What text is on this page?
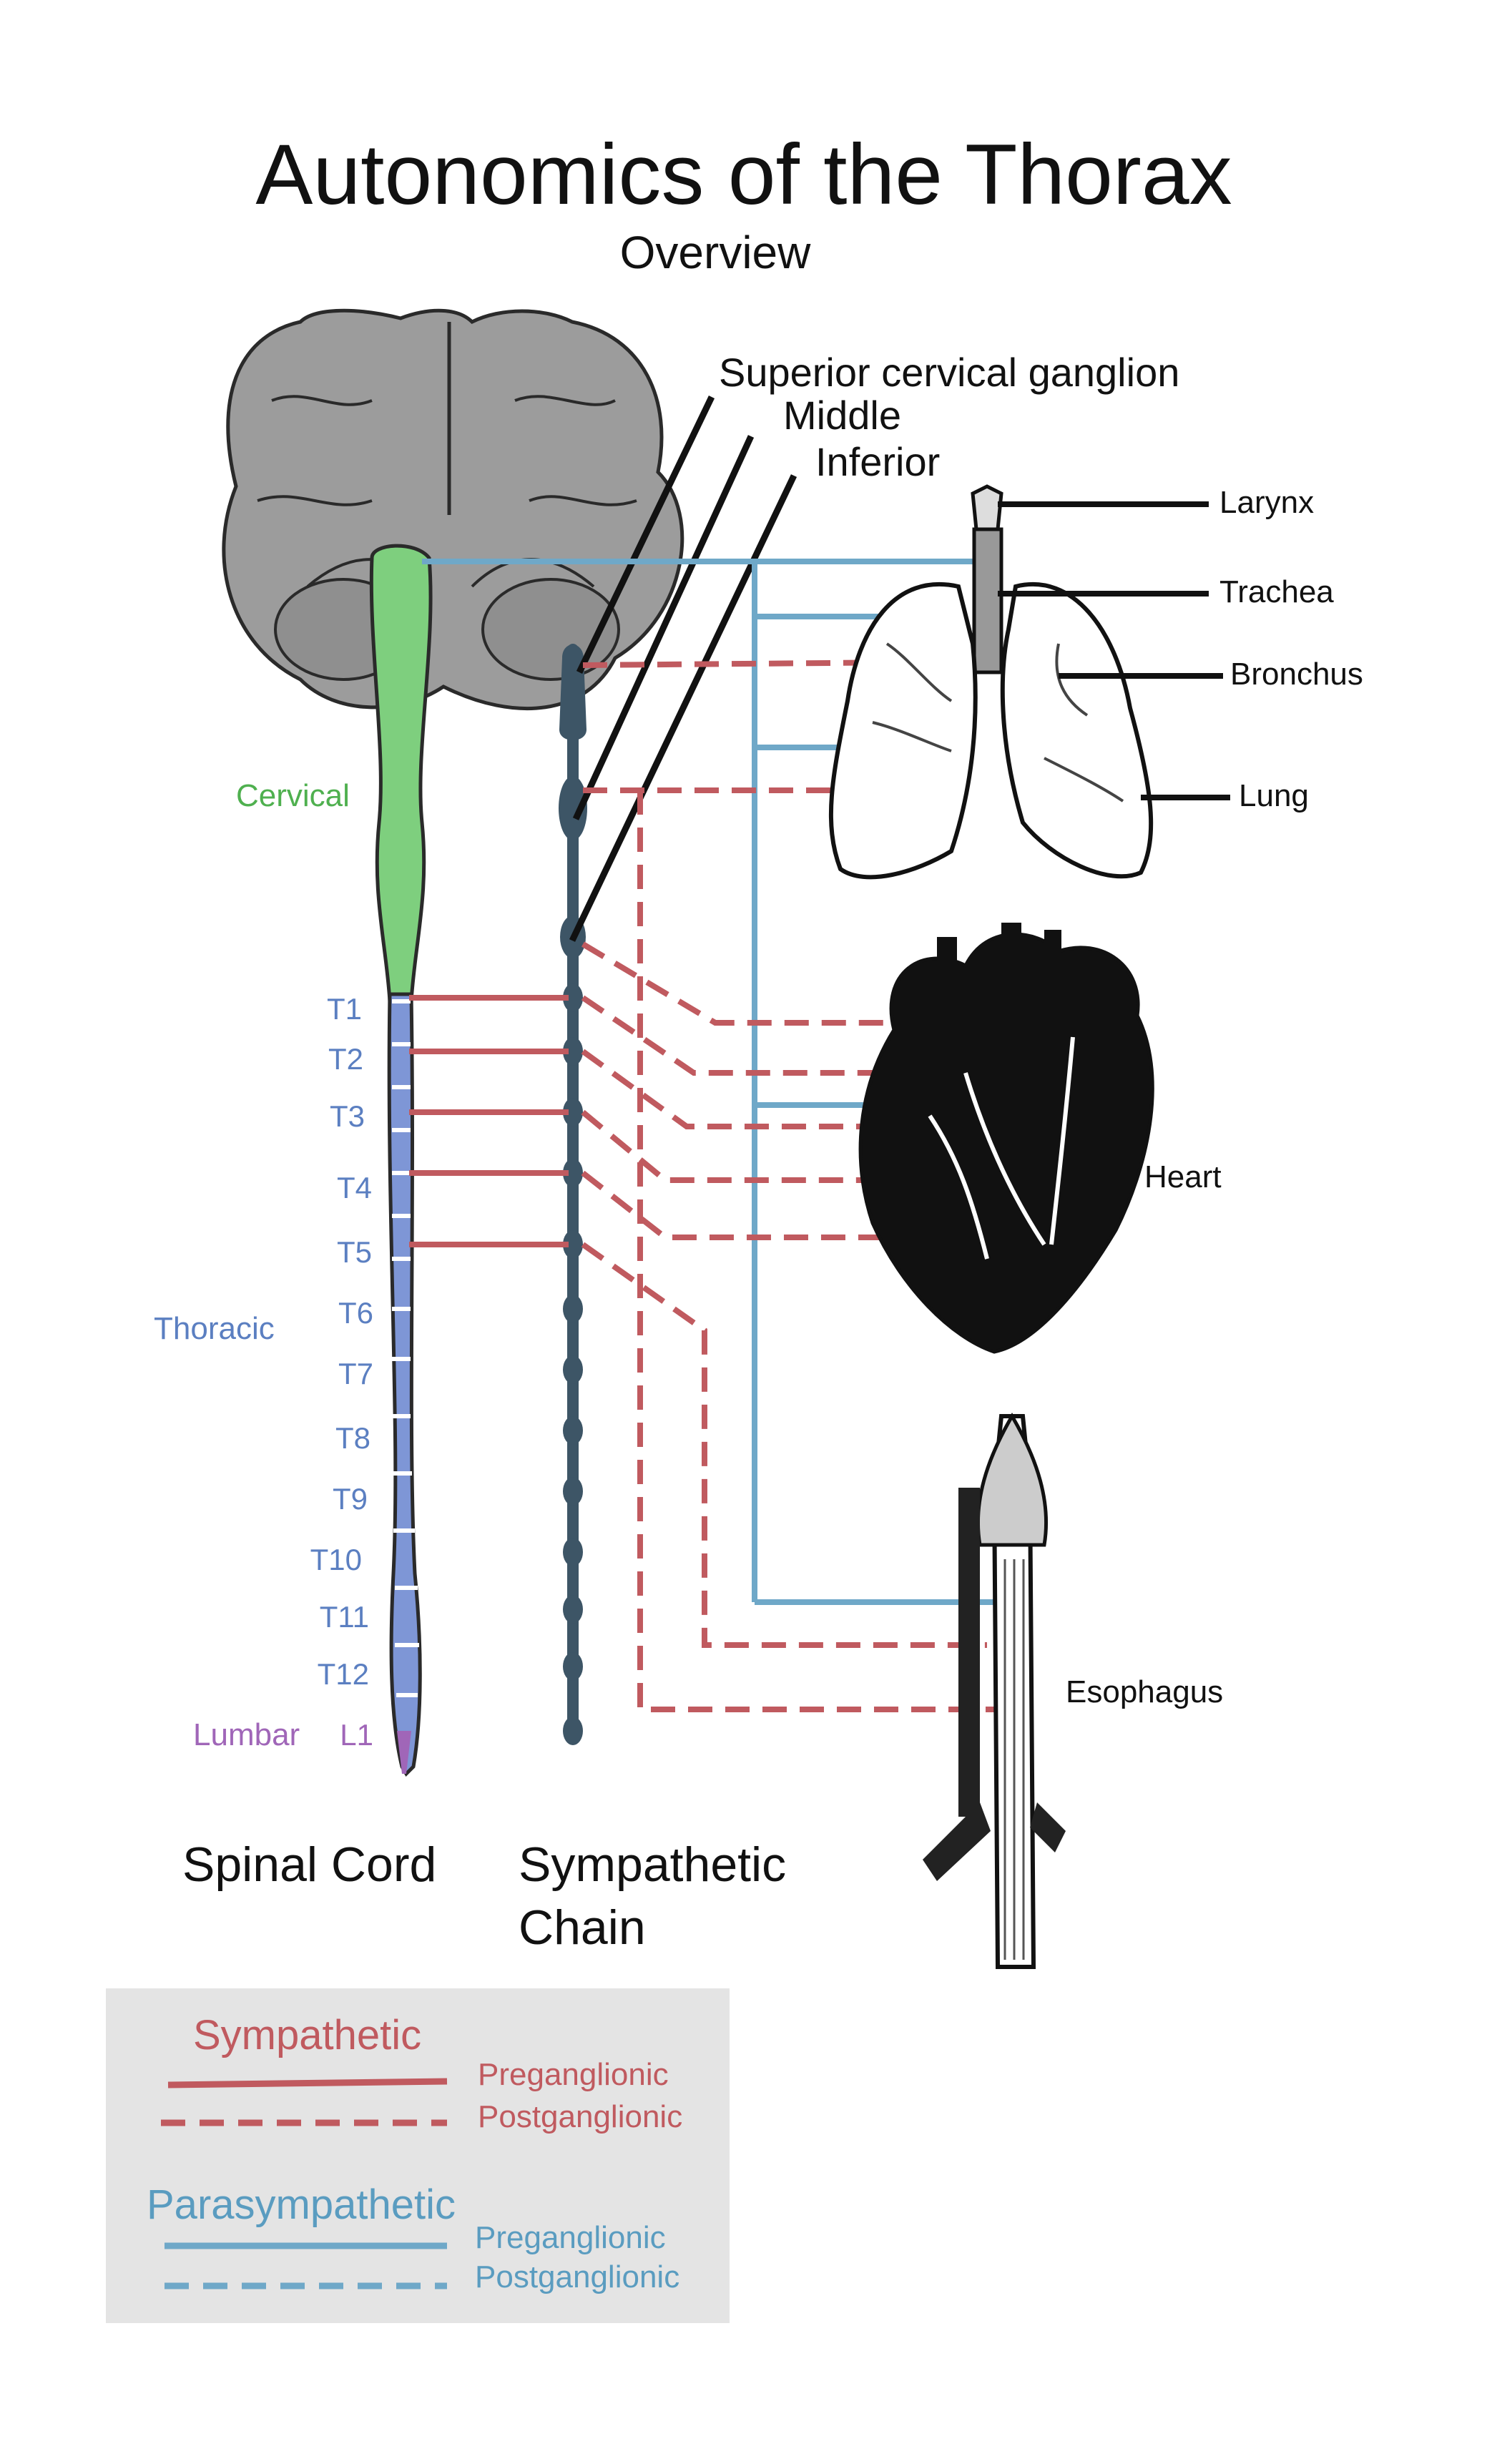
Autonomics of the Thorax
Overview
Superior cervical ganglion
Middle
Inferior
Larynx
Trachea
Bronchus
Lung
Heart
Esophagus
Cervical
Thoracic
Lumbar
T1
T2
T3
T4
T5
T6
T7
T8
T9
T10
T11
T12
L1
Spinal Cord Sympathetic
Chain
Sympathetic
Preganglionic
Postganglionic
Parasympathetic
Preganglionic
Postganglionic
